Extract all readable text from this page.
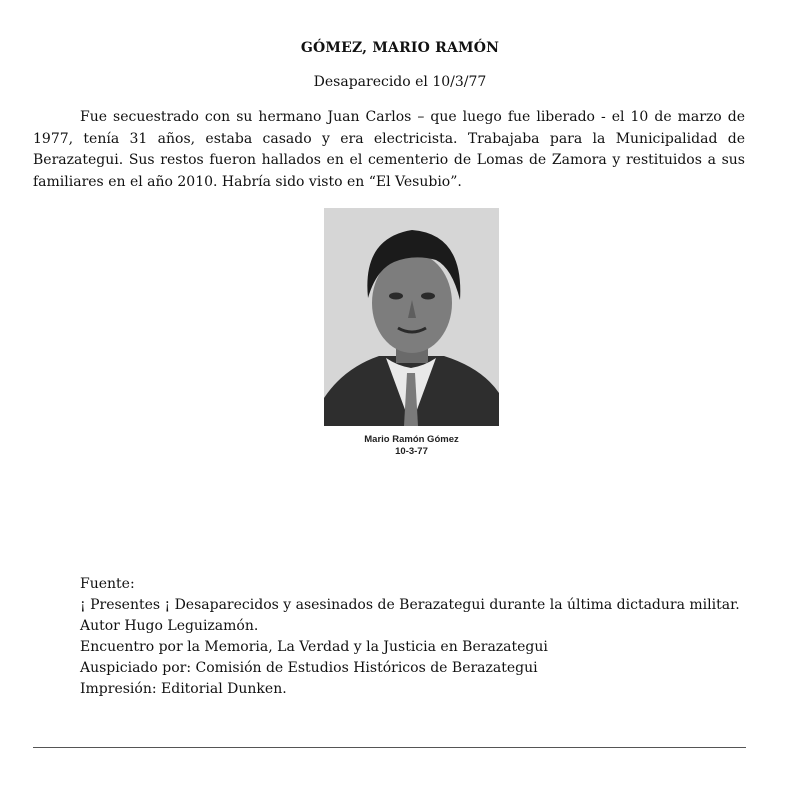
GÓMEZ, MARIO RAMÓN
Desaparecido el 10/3/77

Fue secuestrado con su hermano Juan Carlos – que luego fue liberado - el 10 de marzo de 1977, tenía 31 años, estaba casado y era electricista. Trabajaba para la Municipalidad de Berazategui. Sus restos fueron hallados en el cementerio de Lomas de Zamora y restituidos a sus familiares en el año 2010. Habría sido visto en “El Vesubio”.

Mario Ramón Gómez
10-3-77
Fuente:
¡ Presentes ¡ Desaparecidos y asesinados de Berazategui durante la última dictadura militar.
Autor Hugo Leguizamón.
Encuentro por la Memoria, La Verdad y la Justicia en Berazategui
Auspiciado por: Comisión de Estudios Históricos de Berazategui
Impresión: Editorial Dunken.
